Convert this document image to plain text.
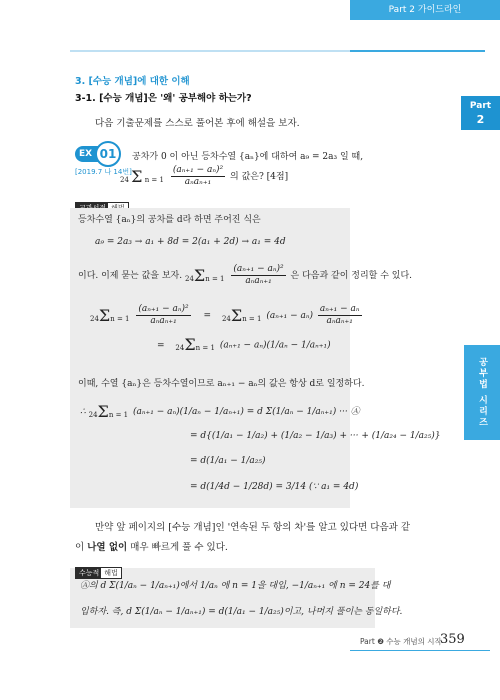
Part 2 가이드라인
Part
2
공부법 시리즈
3. [수능 개념]에 대한 이해
3-1. [수능 개념]은 '왜' 공부해야 하는가?
다음 기출문제를 스스로 풀어본 후에 해설을 보자.
EX 01
[2019.7 나 14번]
공차가 0 이 아닌 등차수열 {aₙ}에 대하여 a₉ = 2a₃ 일 때,
24 Σ $n = 1 \frac{\text{(aₙ₊₁ − aₙ)²}}{\text{aₙaₙ₊₁}}$ 의 값은? [4점]
등차수열 {aₙ}의 공차를 d라 하면 주어진 식은
a₉ = 2a₃ → a₁ + 8d = 2(a₁ + 2d) → a₁ = 4d
이다. 이제 묻는 값을 보자. $24\Sigma n = 1 \frac{\text{(aₙ₊₁ − aₙ)²}}{\text{aₙaₙ₊₁}}$ 은 다음과 같이 정리할 수 있다.
$24\Sigma n = 1 \frac{\text{(aₙ₊₁ − aₙ)²}}{\text{aₙaₙ₊₁}} = 24\Sigma n = 1$ $(a_{n+1} - a_n) \frac{\text{aₙ₊₁ − aₙ}}{\text{aₙaₙ₊₁}}$
= 24Σn = 1 (aₙ₊₁ − aₙ)(1/aₙ − 1/aₙ₊₁)
이때, 수열 {aₙ}은 등차수열이므로 aₙ₊₁ − aₙ의 값은 항상 d로 일정하다.
∴ 24Σn = 1 (aₙ₊₁ − aₙ)(1/aₙ − 1/aₙ₊₁) = d Σ(1/aₙ − 1/aₙ₊₁) ··· Ⓐ
= d{(1/a₁ − 1/a₂) + (1/a₂ − 1/a₃) + ··· + (1/a₂₄ − 1/a₂₅)}
= d(1/a₁ − 1/a₂₅)
= d(1/4d − 1/28d) = 3/14 (∵ a₁ = 4d)
만약 앞 페이지의 [수능 개념]인 '연속된 두 항의 차'를 알고 있다면 다음과 같
이 나열 없이 매우 빠르게 풀 수 있다.
수능적 해법
Ⓐ의 d Σ(1/aₙ − 1/aₙ₊₁)에서 1/aₙ 에 n = 1을 대입, −1/aₙ₊₁ 에 n = 24를 대
입하자. 즉, d Σ(1/aₙ − 1/aₙ₊₁) = d(1/a₁ − 1/a₂₅)이고, 나머지 풀이는 동일하다.
Part ❷ 수능 개념의 시작
359
